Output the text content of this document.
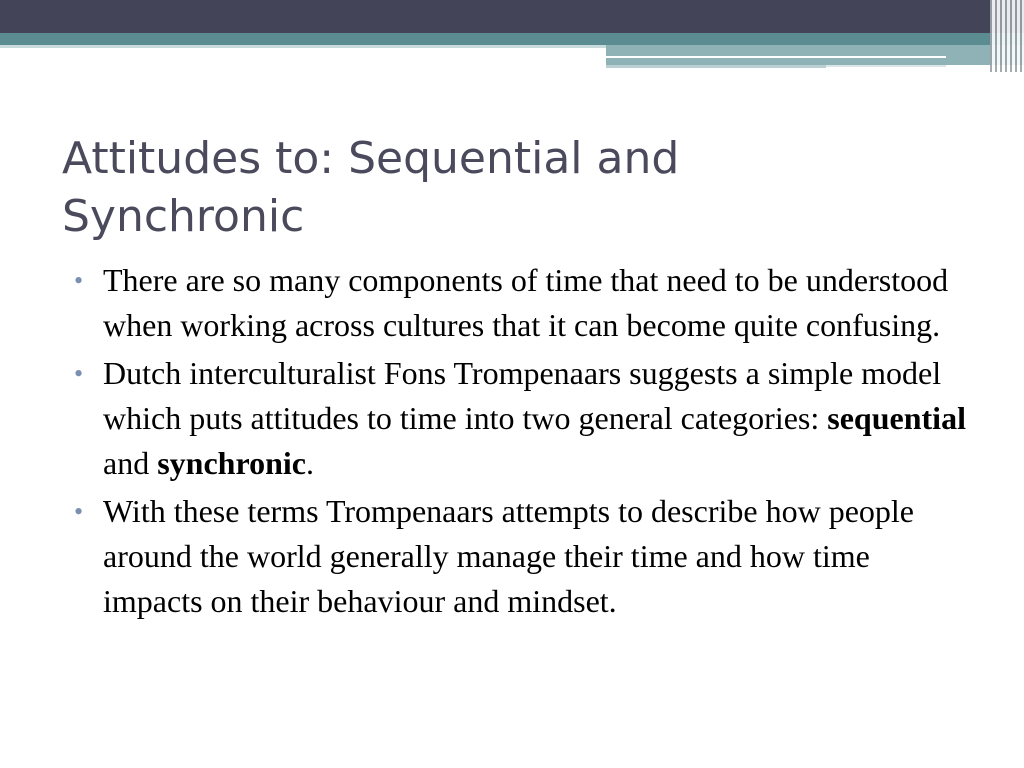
Attitudes to: Sequential and
Synchronic
• There are so many components of time that need to be understood when working across cultures that it can become quite confusing.
• Dutch interculturalist Fons Trompenaars suggests a simple model which puts attitudes to time into two general categories: sequential and synchronic.
• With these terms Trompenaars attempts to describe how people around the world generally manage their time and how time impacts on their behaviour and mindset.
